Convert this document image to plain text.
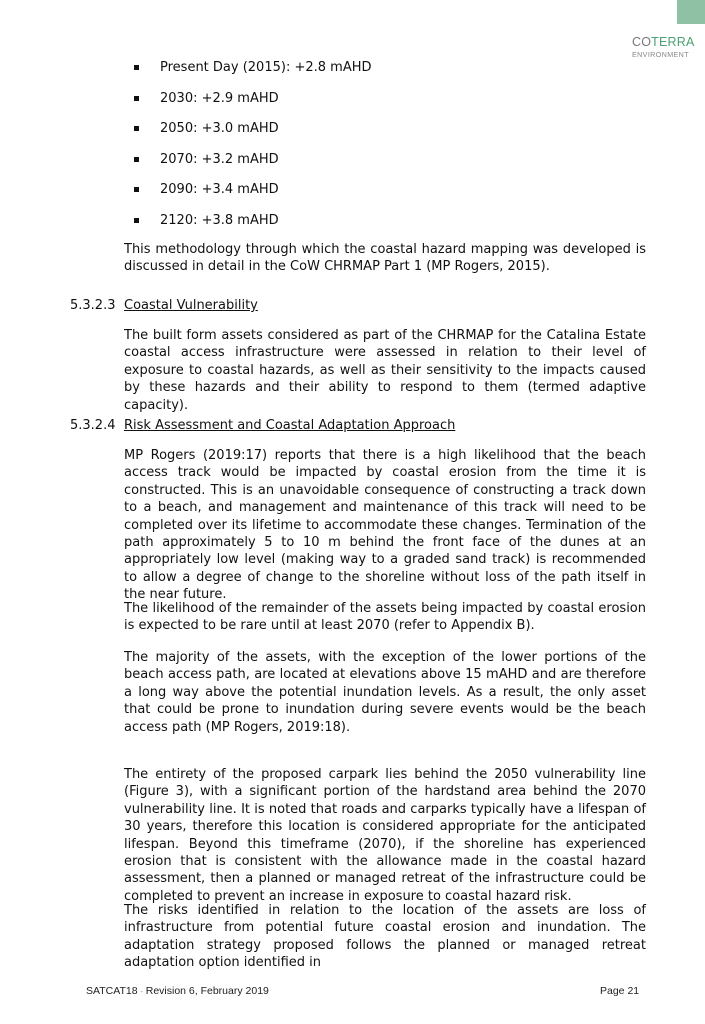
COTERRA
ENVIRONMENT
Present Day (2015): +2.8 mAHD
2030: +2.9 mAHD
2050: +3.0 mAHD
2070: +3.2 mAHD
2090: +3.4 mAHD
2120: +3.8 mAHD

This methodology through which the coastal hazard mapping was developed is discussed in detail in the CoW CHRMAP Part 1 (MP Rogers, 2015).

The built form assets considered as part of the CHRMAP for the Catalina Estate coastal access infrastructure were assessed in relation to their level of exposure to coastal hazards, as well as their sensitivity to the impacts caused by these hazards and their ability to respond to them (termed adaptive capacity).

MP Rogers (2019:17) reports that there is a high likelihood that the beach access track would be impacted by coastal erosion from the time it is constructed. This is an unavoidable consequence of constructing a track down to a beach, and management and maintenance of this track will need to be completed over its lifetime to accommodate these changes. Termination of the path approximately 5 to 10 m behind the front face of the dunes at an appropriately low level (making way to a graded sand track) is recommended to allow a degree of change to the shoreline without loss of the path itself in the near future.

The likelihood of the remainder of the assets being impacted by coastal erosion is expected to be rare until at least 2070 (refer to Appendix B).

The majority of the assets, with the exception of the lower portions of the beach access path, are located at elevations above 15 mAHD and are therefore a long way above the potential inundation levels. As a result, the only asset that could be prone to inundation during severe events would be the beach access path (MP Rogers, 2019:18).

The entirety of the proposed carpark lies behind the 2050 vulnerability line (Figure 3), with a significant portion of the hardstand area behind the 2070 vulnerability line. It is noted that roads and carparks typically have a lifespan of 30 years, therefore this location is considered appropriate for the anticipated lifespan. Beyond this timeframe (2070), if the shoreline has experienced erosion that is consistent with the allowance made in the coastal hazard assessment, then a planned or managed retreat of the infrastructure could be completed to prevent an increase in exposure to coastal hazard risk.

The risks identified in relation to the location of the assets are loss of infrastructure from potential future coastal erosion and inundation. The adaptation strategy proposed follows the planned or managed retreat adaptation option identified in

5.3.2.3 Coastal Vulnerability
5.3.2.4 Risk Assessment and Coastal Adaptation Approach
SATCAT18 - Revision 6, February 2019	Page 21
